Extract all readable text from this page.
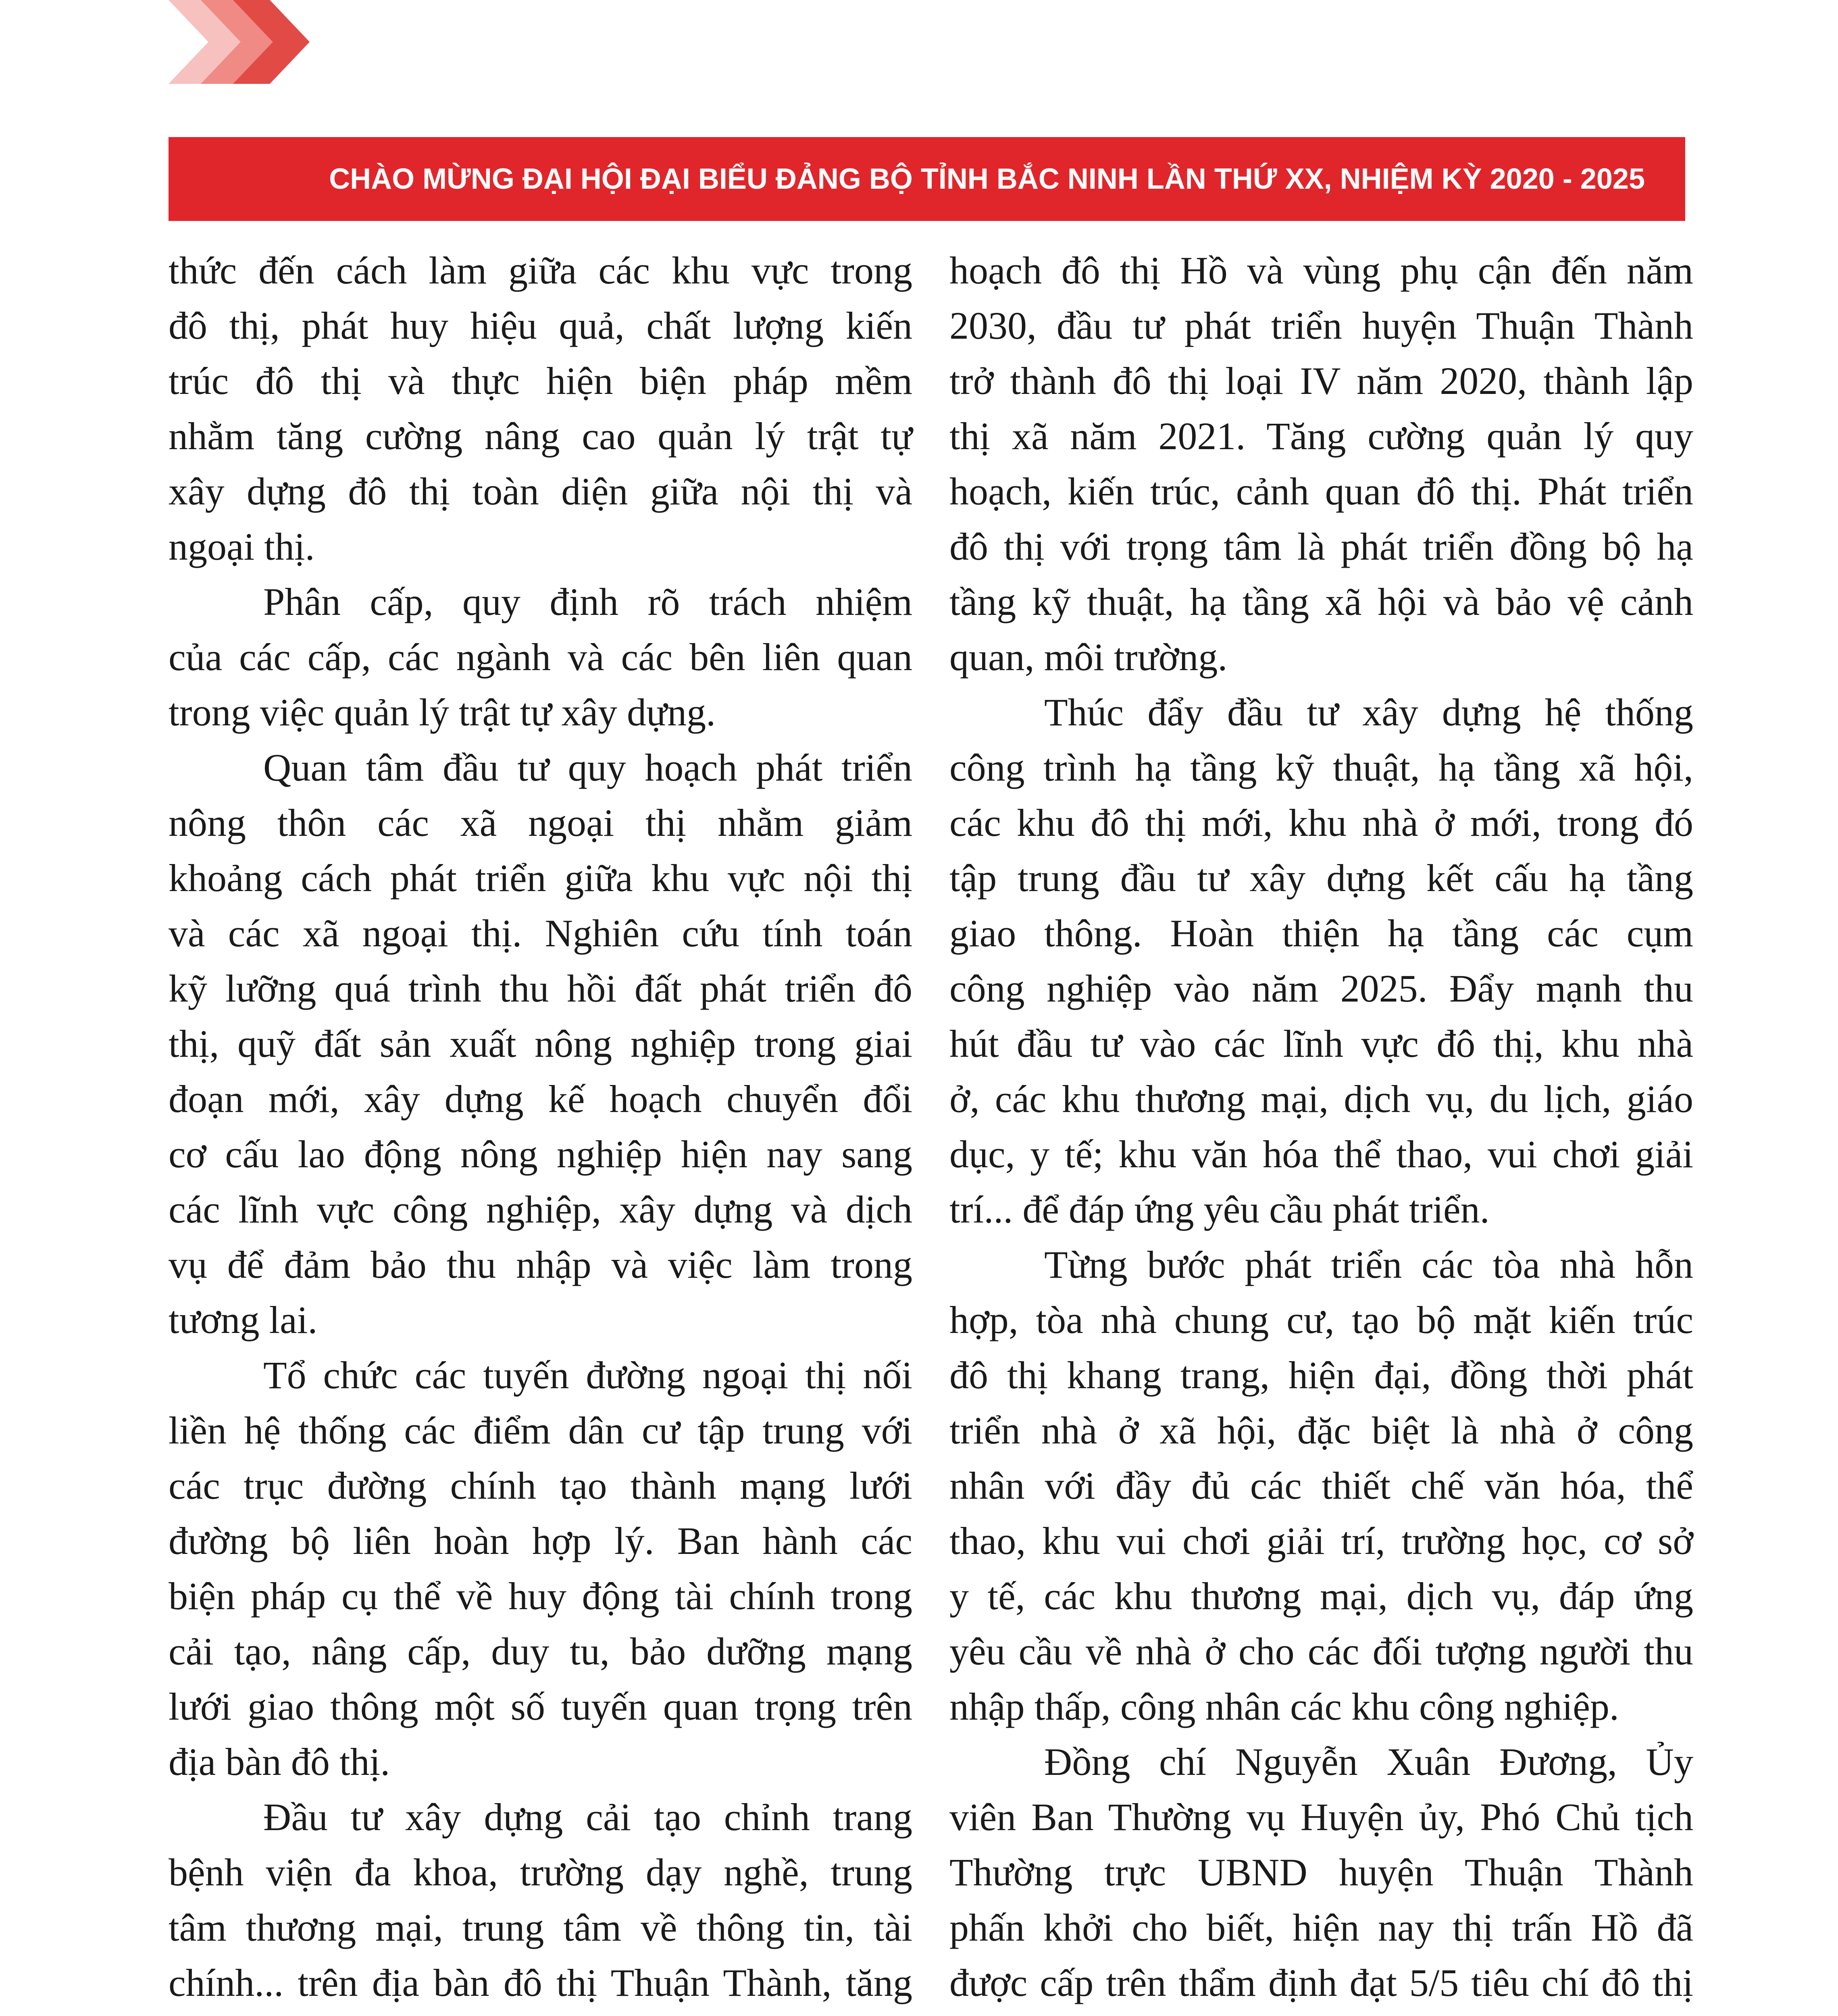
CHÀO MỪNG ĐẠI HỘI ĐẠI BIỂU ĐẢNG BỘ TỈNH BẮC NINH LẦN THỨ XX, NHIỆM KỲ 2020 - 2025
thức đến cách làm giữa các khu vực trong
đô thị, phát huy hiệu quả, chất lượng kiến
trúc đô thị và thực hiện biện pháp mềm
nhằm tăng cường nâng cao quản lý trật tự
xây dựng đô thị toàn diện giữa nội thị và
ngoại thị.
Phân cấp, quy định rõ trách nhiệm
của các cấp, các ngành và các bên liên quan
trong việc quản lý trật tự xây dựng.
Quan tâm đầu tư quy hoạch phát triển
nông thôn các xã ngoại thị nhằm giảm
khoảng cách phát triển giữa khu vực nội thị
và các xã ngoại thị. Nghiên cứu tính toán
kỹ lưỡng quá trình thu hồi đất phát triển đô
thị, quỹ đất sản xuất nông nghiệp trong giai
đoạn mới, xây dựng kế hoạch chuyển đổi
cơ cấu lao động nông nghiệp hiện nay sang
các lĩnh vực công nghiệp, xây dựng và dịch
vụ để đảm bảo thu nhập và việc làm trong
tương lai.
Tổ chức các tuyến đường ngoại thị nối
liền hệ thống các điểm dân cư tập trung với
các trục đường chính tạo thành mạng lưới
đường bộ liên hoàn hợp lý. Ban hành các
biện pháp cụ thể về huy động tài chính trong
cải tạo, nâng cấp, duy tu, bảo dưỡng mạng
lưới giao thông một số tuyến quan trọng trên
địa bàn đô thị.
Đầu tư xây dựng cải tạo chỉnh trang
bệnh viện đa khoa, trường dạy nghề, trung
tâm thương mại, trung tâm về thông tin, tài
chính... trên địa bàn đô thị Thuận Thành, tăng
hoạch đô thị Hồ và vùng phụ cận đến năm
2030, đầu tư phát triển huyện Thuận Thành
trở thành đô thị loại IV năm 2020, thành lập
thị xã năm 2021. Tăng cường quản lý quy
hoạch, kiến trúc, cảnh quan đô thị. Phát triển
đô thị với trọng tâm là phát triển đồng bộ hạ
tầng kỹ thuật, hạ tầng xã hội và bảo vệ cảnh
quan, môi trường.
Thúc đẩy đầu tư xây dựng hệ thống
công trình hạ tầng kỹ thuật, hạ tầng xã hội,
các khu đô thị mới, khu nhà ở mới, trong đó
tập trung đầu tư xây dựng kết cấu hạ tầng
giao thông. Hoàn thiện hạ tầng các cụm
công nghiệp vào năm 2025. Đẩy mạnh thu
hút đầu tư vào các lĩnh vực đô thị, khu nhà
ở, các khu thương mại, dịch vụ, du lịch, giáo
dục, y tế; khu văn hóa thể thao, vui chơi giải
trí... để đáp ứng yêu cầu phát triển.
Từng bước phát triển các tòa nhà hỗn
hợp, tòa nhà chung cư, tạo bộ mặt kiến trúc
đô thị khang trang, hiện đại, đồng thời phát
triển nhà ở xã hội, đặc biệt là nhà ở công
nhân với đầy đủ các thiết chế văn hóa, thể
thao, khu vui chơi giải trí, trường học, cơ sở
y tế, các khu thương mại, dịch vụ, đáp ứng
yêu cầu về nhà ở cho các đối tượng người thu
nhập thấp, công nhân các khu công nghiệp.
Đồng chí Nguyễn Xuân Đương, Ủy
viên Ban Thường vụ Huyện ủy, Phó Chủ tịch
Thường trực UBND huyện Thuận Thành
phấn khởi cho biết, hiện nay thị trấn Hồ đã
được cấp trên thẩm định đạt 5/5 tiêu chí đô thị
